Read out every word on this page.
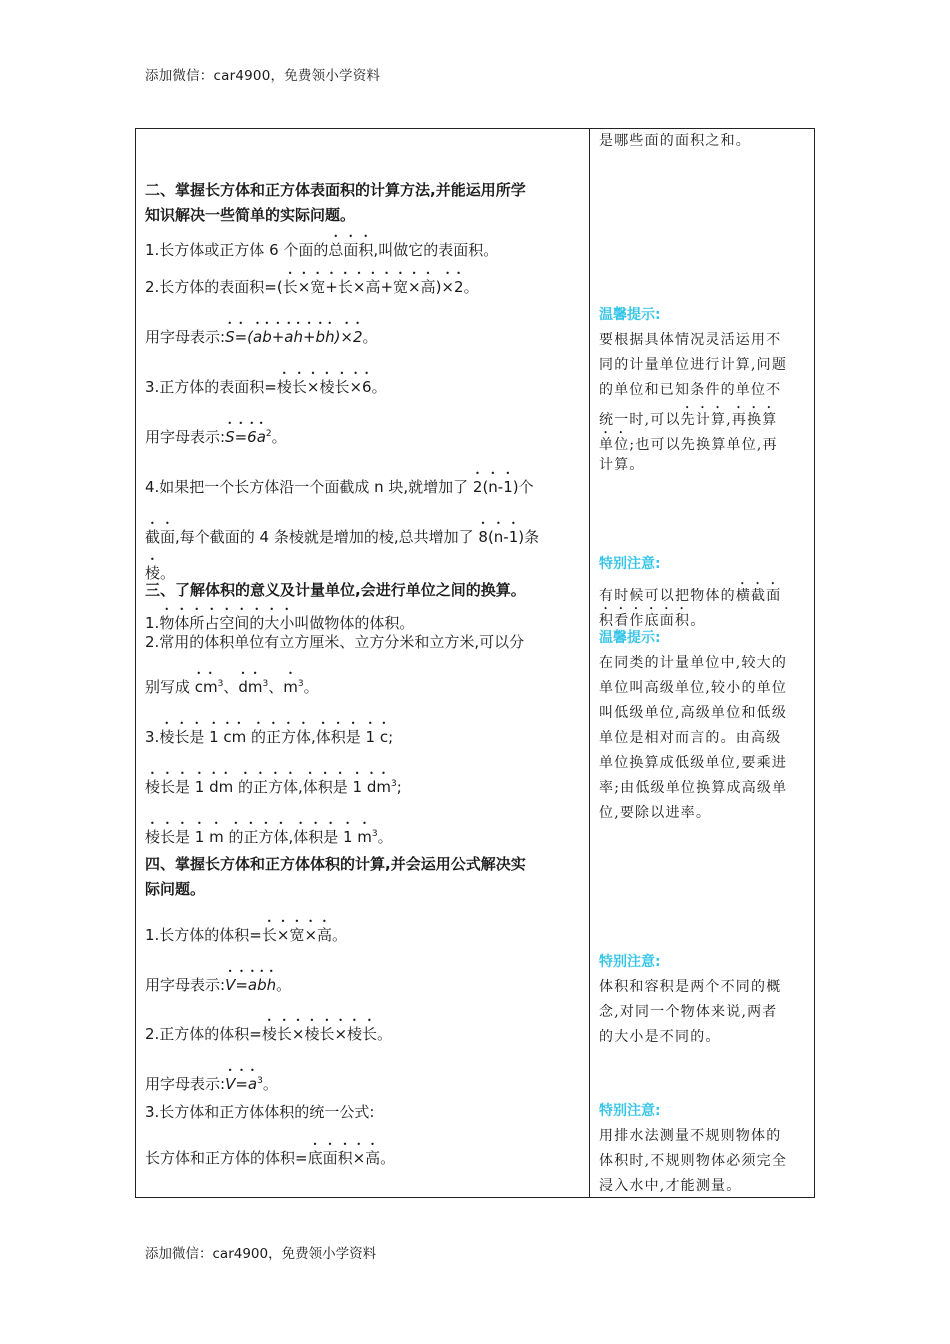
添加微信：car4900，免费领小学资料
二、掌握长方体和正方体表面积的计算方法,并能运用所学
知识解决一些简单的实际问题。
1.长方体或正方体 6 个面的总面积,叫做它的表面积。
2.长方体的表面积=(长×宽+长×高+宽×高)×2。
用字母表示:S=(ab+ah+bh)×2。
3.正方体的表面积=棱长×棱长×6。
用字母表示$:S=6a^2$。
4.如果把一个长方体沿一个面截成 n 块,就增加了 2(n-1)个
截面,每个截面的 4 条棱就是增加的棱,总共增加了 8(n-1)条
棱。
三、了解体积的意义及计量单位,会进行单位之间的换算。
1.物体所占空间的大小叫做物体的体积。
2.常用的体积单位有立方厘米、立方分米和立方米,可以分
别写成 $cm^3$、$dm^3$、$m^3$。
3.棱长是 1 cm 的正方体,体积是 1 c;
棱长是 1 dm 的正方体,体积是 1 $dm^3$;
棱长是 1 m 的正方体,体积是 1 $m^3$。
四、掌握长方体和正方体体积的计算,并会运用公式解决实
际问题。
1.长方体的体积=长×宽×高。
用字母表示:V=abh。
2.正方体的体积=棱长×棱长×棱长。
用字母表示$:V=a^3$。
3.长方体和正方体体积的统一公式:
长方体和正方体的体积=底面积×高。
是哪些面的面积之和。
温馨提示:
要根据具体情况灵活运用不
同的计量单位进行计算,问题
的单位和已知条件的单位不
统一时,可以先计算,再换算
单位;也可以先换算单位,再
计算。
特别注意:
有时候可以把物体的横截面
积看作底面积。
温馨提示:
在同类的计量单位中,较大的
单位叫高级单位,较小的单位
叫低级单位,高级单位和低级
单位是相对而言的。由高级
单位换算成低级单位,要乘进
率;由低级单位换算成高级单
位,要除以进率。
特别注意:
体积和容积是两个不同的概
念,对同一个物体来说,两者
的大小是不同的。
特别注意:
用排水法测量不规则物体的
体积时,不规则物体必须完全
浸入水中,才能测量。
添加微信：car4900，免费领小学资料
